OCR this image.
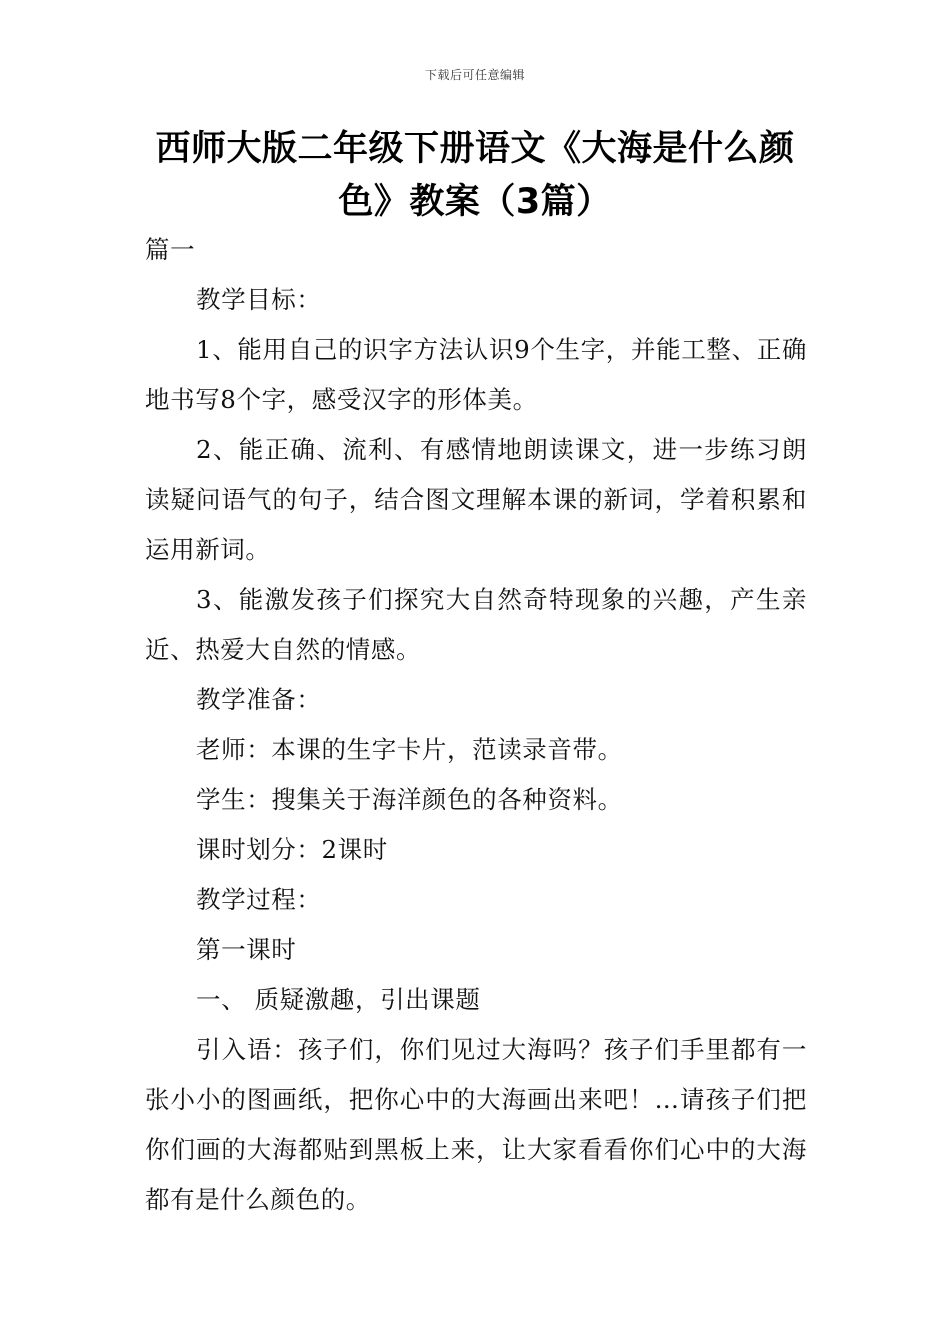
下载后可任意编辑
西师大版二年级下册语文《大海是什么颜色》教案（3篇）

篇一

教学目标：

1、能用自己的识字方法认识9个生字，并能工整、正确地书写8个字，感受汉字的形体美。

2、能正确、流利、有感情地朗读课文，进一步练习朗读疑问语气的句子，结合图文理解本课的新词，学着积累和运用新词。

3、能激发孩子们探究大自然奇特现象的兴趣，产生亲近、热爱大自然的情感。

教学准备：

老师：本课的生字卡片，范读录音带。

学生：搜集关于海洋颜色的各种资料。

课时划分：2课时

教学过程：

第一课时

一、 质疑激趣，引出课题

引入语：孩子们，你们见过大海吗？孩子们手里都有一张小小的图画纸，把你心中的大海画出来吧！…请孩子们把你们画的大海都贴到黑板上来，让大家看看你们心中的大海都有是什么颜色的。
